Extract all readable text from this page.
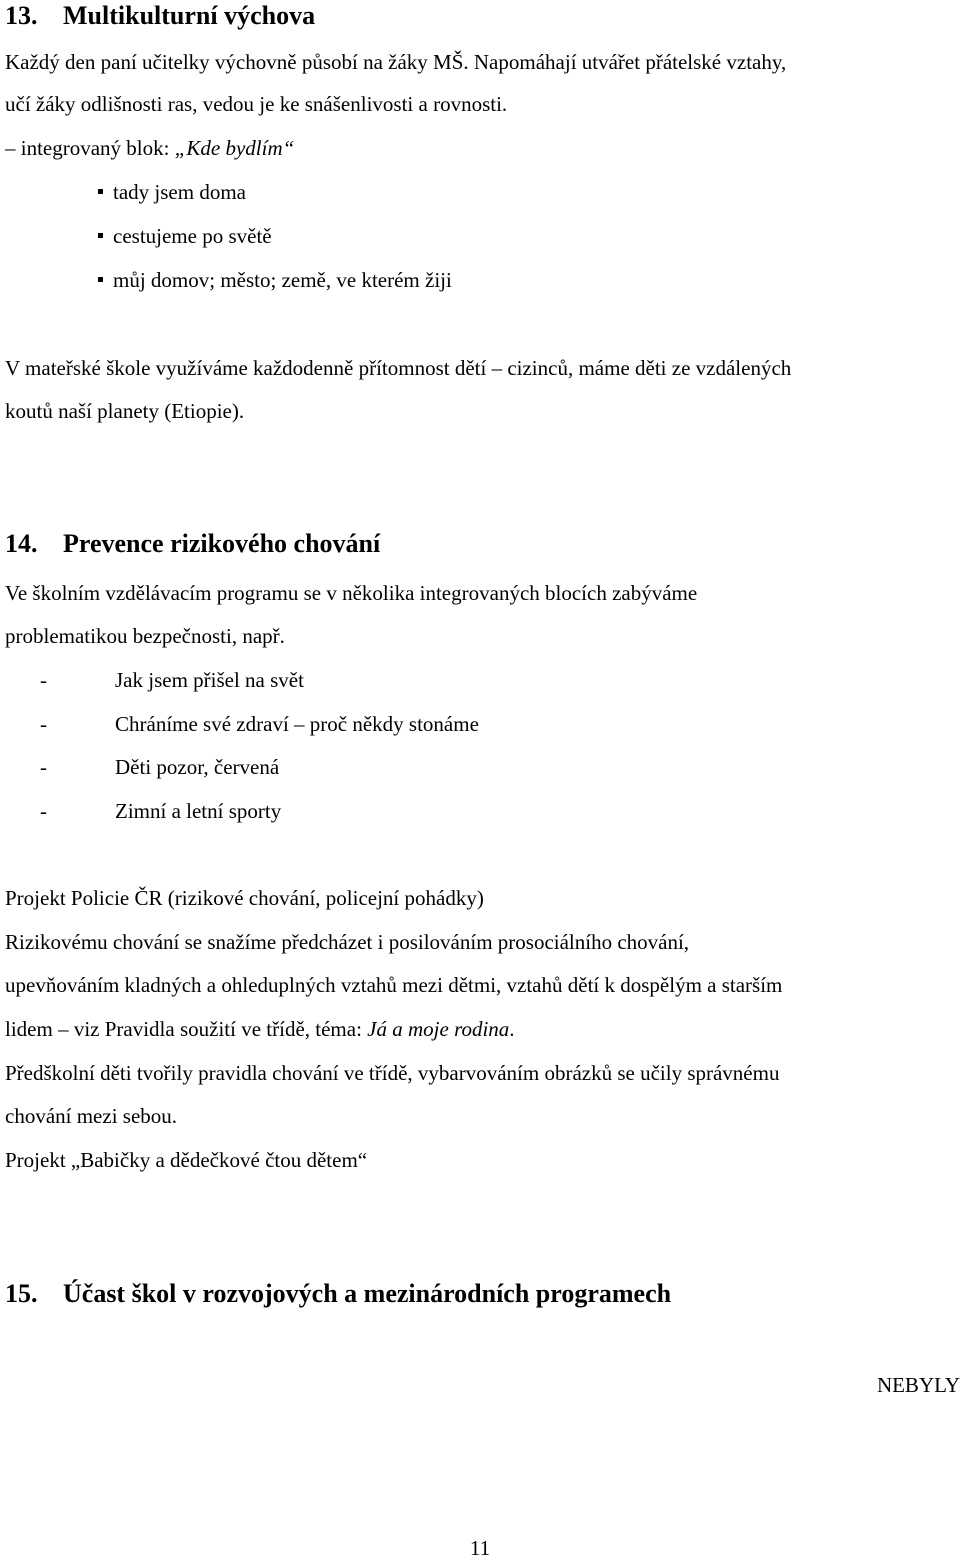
13. Multikulturní výchova
Každý den paní učitelky výchovně působí na žáky MŠ. Napomáhají utvářet přátelské vztahy,
učí žáky odlišnosti ras, vedou je ke snášenlivosti a rovnosti.
– integrovaný blok: „Kde bydlím“
tady jsem doma
cestujeme po světě
můj domov; město; země, ve kterém žiji
V mateřské škole využíváme každodenně přítomnost dětí – cizinců, máme děti ze vzdálených
koutů naší planety (Etiopie).
14. Prevence rizikového chování
Ve školním vzdělávacím programu se v několika integrovaných blocích zabýváme
problematikou bezpečnosti, např.
-	Jak jsem přišel na svět
-	Chráníme své zdraví – proč někdy stonáme
-	Děti pozor, červená
-	Zimní a letní sporty
Projekt Policie ČR (rizikové chování, policejní pohádky)
Rizikovému chování se snažíme předcházet i posilováním prosociálního chování,
upevňováním kladných a ohleduplných vztahů mezi dětmi, vztahů dětí k dospělým a starším
lidem – viz Pravidla soužití ve třídě, téma: Já a moje rodina.
Předškolní děti tvořily pravidla chování ve třídě, vybarvováním obrázků se učily správnému
chování mezi sebou.
Projekt „Babičky a dědečkové čtou dětem“
15. Účast škol v rozvojových a mezinárodních programech
NEBYLY
11
